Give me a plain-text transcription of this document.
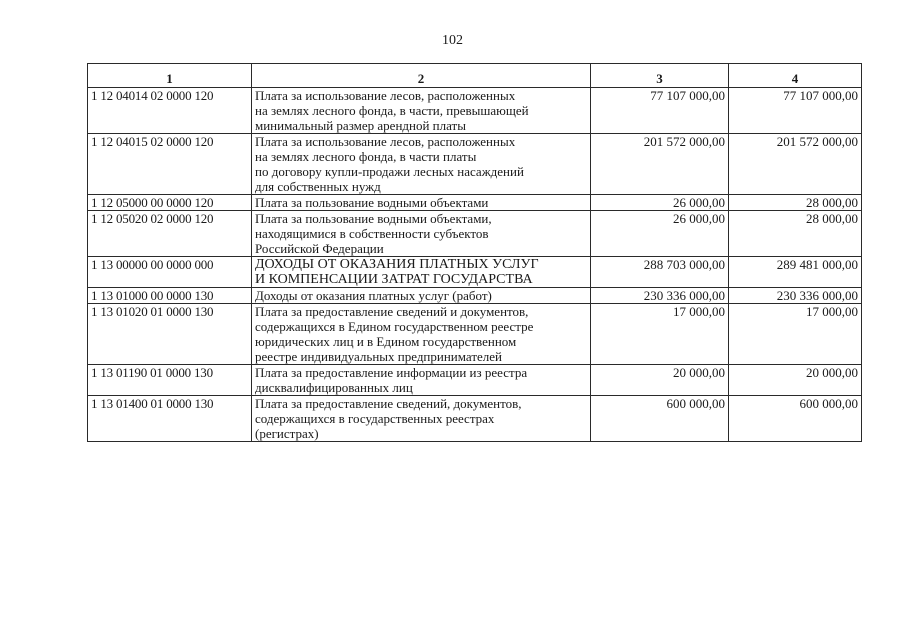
102
1	2	3	4
1 12 04014 02 0000 120	Плата за использование лесов, расположенных
на землях лесного фонда, в части, превышающей
минимальный размер арендной платы	77 107 000,00	77 107 000,00
1 12 04015 02 0000 120	Плата за использование лесов, расположенных
на землях лесного фонда, в части платы
по договору купли-продажи лесных насаждений
для собственных нужд	201 572 000,00	201 572 000,00
1 12 05000 00 0000 120	Плата за пользование водными объектами	26 000,00	28 000,00
1 12 05020 02 0000 120	Плата за пользование водными объектами,
находящимися в собственности субъектов
Российской Федерации	26 000,00	28 000,00
1 13 00000 00 0000 000	ДОХОДЫ ОТ ОКАЗАНИЯ ПЛАТНЫХ УСЛУГ
И КОМПЕНСАЦИИ ЗАТРАТ ГОСУДАРСТВА	288 703 000,00	289 481 000,00
1 13 01000 00 0000 130	Доходы от оказания платных услуг (работ)	230 336 000,00	230 336 000,00
1 13 01020 01 0000 130	Плата за предоставление сведений и документов,
содержащихся в Едином государственном реестре
юридических лиц и в Едином государственном
реестре индивидуальных предпринимателей	17 000,00	17 000,00
1 13 01190 01 0000 130	Плата за предоставление информации из реестра
дисквалифицированных лиц	20 000,00	20 000,00
1 13 01400 01 0000 130	Плата за предоставление сведений, документов,
содержащихся в государственных реестрах
(регистрах)	600 000,00	600 000,00
